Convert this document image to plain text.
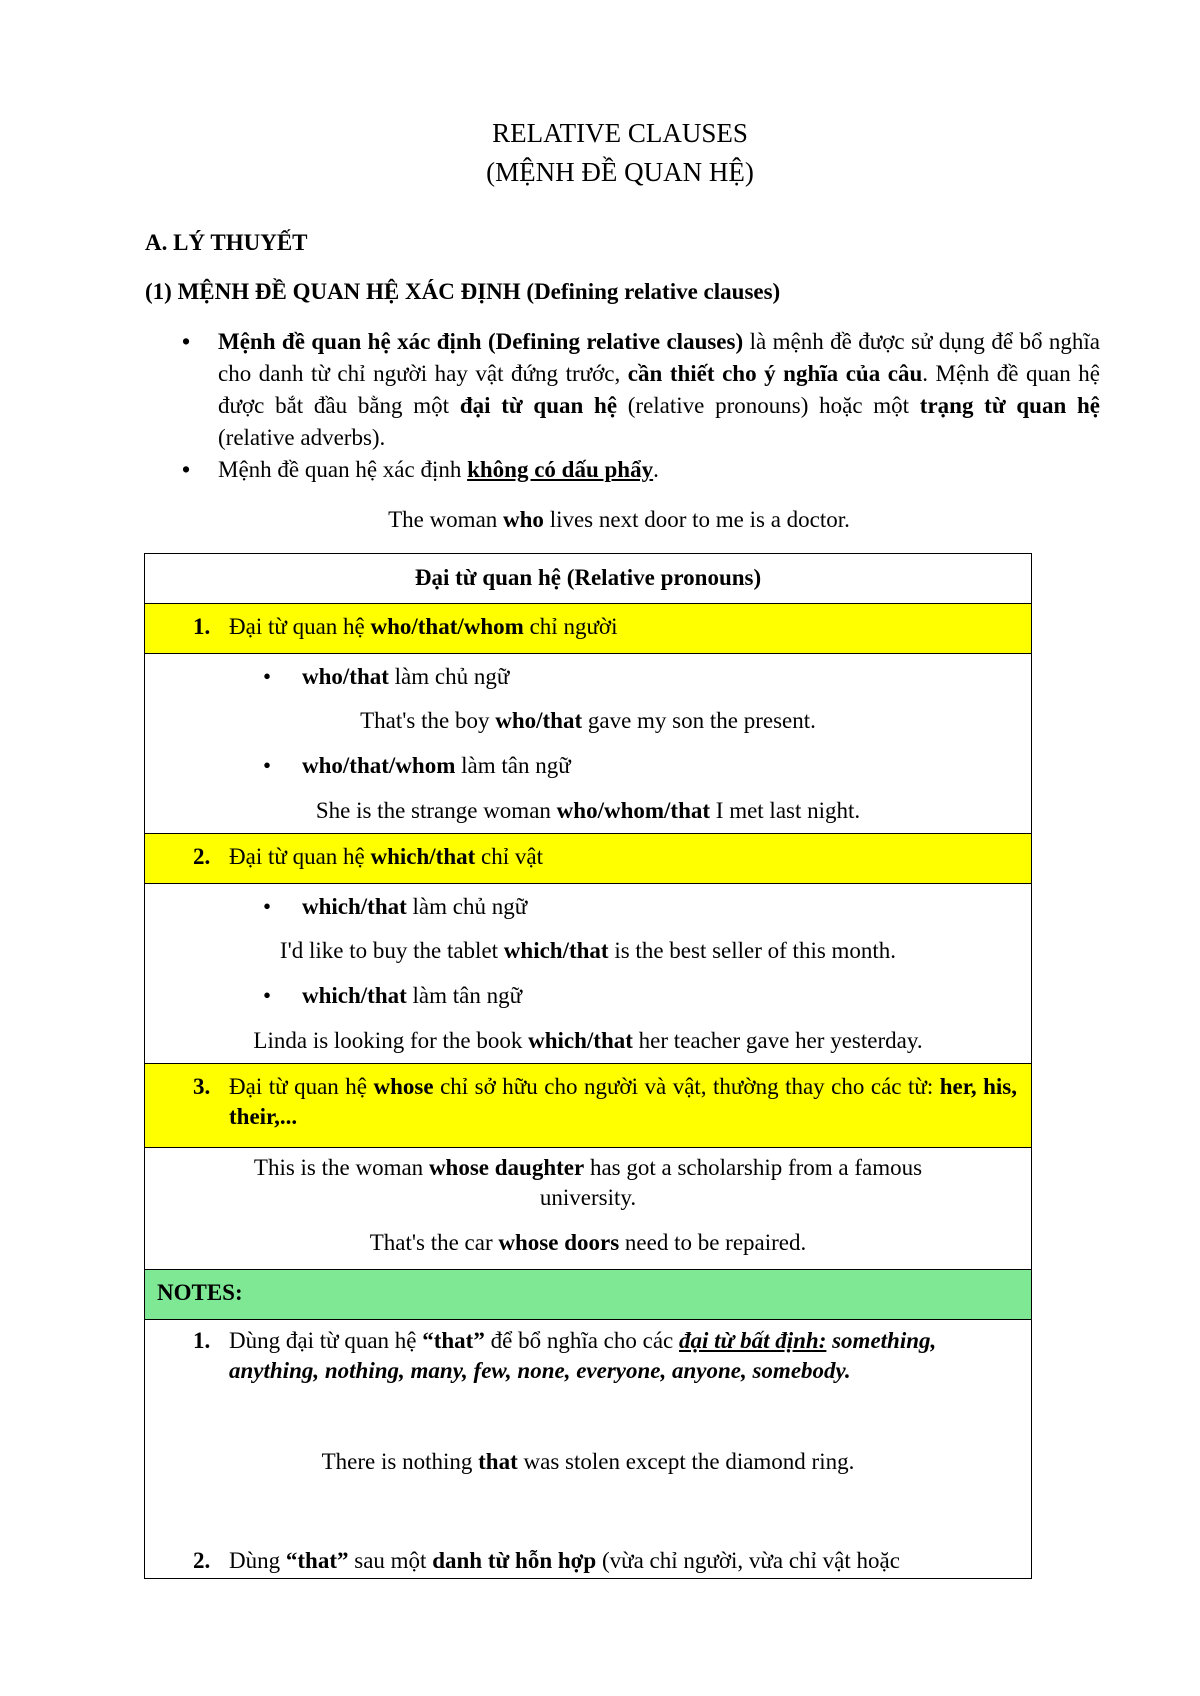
RELATIVE CLAUSES
(MỆNH ĐỀ QUAN HỆ)
A. LÝ THUYẾT
(1) MỆNH ĐỀ QUAN HỆ XÁC ĐỊNH (Defining relative clauses)
• Mệnh đề quan hệ xác định (Defining relative clauses) là mệnh đề được sử dụng để bổ nghĩa cho danh từ chỉ người hay vật đứng trước, cần thiết cho ý nghĩa của câu. Mệnh đề quan hệ được bắt đầu bằng một đại từ quan hệ (relative pronouns) hoặc một trạng từ quan hệ (relative adverbs).
• Mệnh đề quan hệ xác định không có dấu phẩy.
The woman who lives next door to me is a doctor.
Đại từ quan hệ (Relative pronouns)
1. Đại từ quan hệ who/that/whom chỉ người
• who/that làm chủ ngữ
That's the boy who/that gave my son the present.
• who/that/whom làm tân ngữ
She is the strange woman who/whom/that I met last night.
2. Đại từ quan hệ which/that chỉ vật
• which/that làm chủ ngữ
I'd like to buy the tablet which/that is the best seller of this month.
• which/that làm tân ngữ
Linda is looking for the book which/that her teacher gave her yesterday.
3. Đại từ quan hệ whose chỉ sở hữu cho người và vật, thường thay cho các từ: her, his, their,...
This is the woman whose daughter has got a scholarship from a famous university.
That's the car whose doors need to be repaired.
NOTES:
1. Dùng đại từ quan hệ “that” để bổ nghĩa cho các đại từ bất định: something, anything, nothing, many, few, none, everyone, anyone, somebody.
There is nothing that was stolen except the diamond ring.
2. Dùng “that” sau một danh từ hỗn hợp (vừa chỉ người, vừa chỉ vật hoặc
